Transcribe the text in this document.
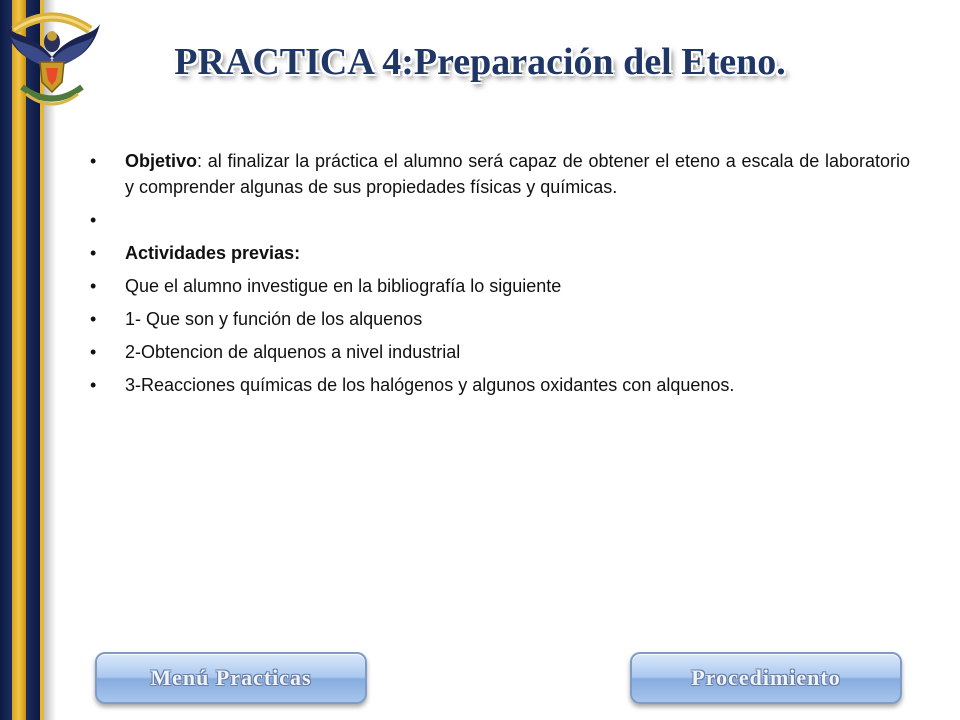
PRACTICA 4:Preparación del Eteno.
• Objetivo: al finalizar la práctica el alumno será capaz de obtener el eteno a escala de laboratorio y comprender algunas de sus propiedades físicas y químicas.
•
• Actividades previas:
• Que el alumno investigue en la bibliografía lo siguiente
• 1- Que son y función de los alquenos
• 2-Obtencion de alquenos a nivel industrial
• 3-Reacciones químicas de los halógenos y algunos oxidantes con alquenos.
Menú Practicas	Procedimiento
